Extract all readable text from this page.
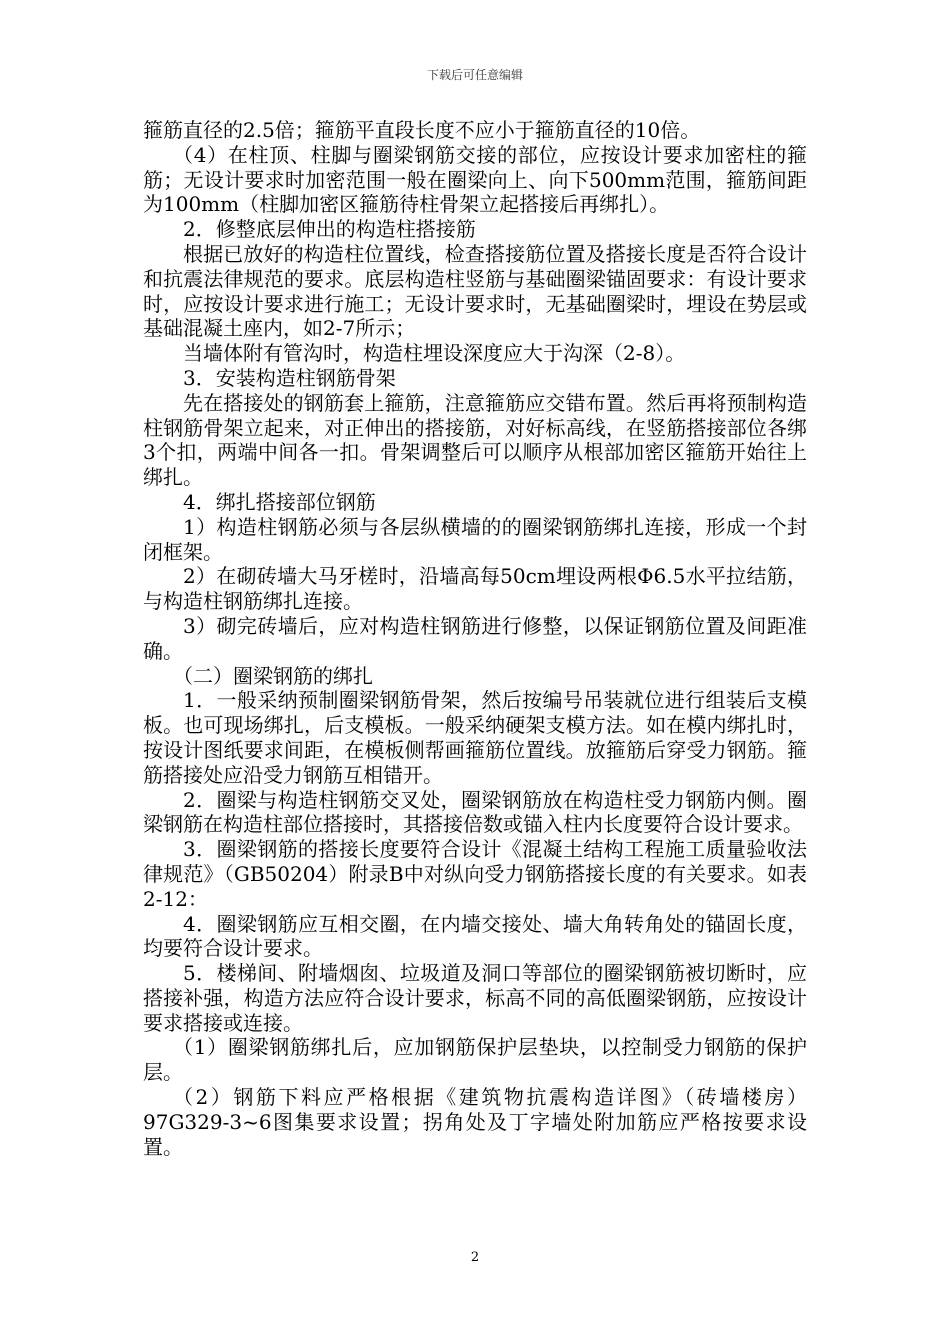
下载后可任意编辑

箍筋直径的2.5倍；箍筋平直段长度不应小于箍筋直径的10倍。

（4）在柱顶、柱脚与圈梁钢筋交接的部位，应按设计要求加密柱的箍筋；无设计要求时加密范围一般在圈梁向上、向下500mm范围，箍筋间距为100mm（柱脚加密区箍筋待柱骨架立起搭接后再绑扎）。

2．修整底层伸出的构造柱搭接筋

根据已放好的构造柱位置线，检查搭接筋位置及搭接长度是否符合设计和抗震法律规范的要求。底层构造柱竖筋与基础圈梁锚固要求：有设计要求时，应按设计要求进行施工；无设计要求时，无基础圈梁时，埋设在势层或基础混凝土座内，如2-7所示；

当墙体附有管沟时，构造柱埋设深度应大于沟深（2-8）。

3．安装构造柱钢筋骨架

先在搭接处的钢筋套上箍筋，注意箍筋应交错布置。然后再将预制构造柱钢筋骨架立起来，对正伸出的搭接筋，对好标高线，在竖筋搭接部位各绑3个扣，两端中间各一扣。骨架调整后可以顺序从根部加密区箍筋开始往上绑扎。

4．绑扎搭接部位钢筋

1）构造柱钢筋必须与各层纵横墙的的圈梁钢筋绑扎连接，形成一个封闭框架。

2）在砌砖墙大马牙槎时，沿墙高每50cm埋设两根Φ6.5水平拉结筋，与构造柱钢筋绑扎连接。

3）砌完砖墙后，应对构造柱钢筋进行修整，以保证钢筋位置及间距准确。

（二）圈梁钢筋的绑扎

1．一般采纳预制圈梁钢筋骨架，然后按编号吊装就位进行组装后支模板。也可现场绑扎，后支模板。一般采纳硬架支模方法。如在模内绑扎时，按设计图纸要求间距，在模板侧帮画箍筋位置线。放箍筋后穿受力钢筋。箍筋搭接处应沿受力钢筋互相错开。

2．圈梁与构造柱钢筋交叉处，圈梁钢筋放在构造柱受力钢筋内侧。圈梁钢筋在构造柱部位搭接时，其搭接倍数或锚入柱内长度要符合设计要求。

3．圈梁钢筋的搭接长度要符合设计《混凝土结构工程施工质量验收法律规范》（GB50204）附录B中对纵向受力钢筋搭接长度的有关要求。如表2-12：

4．圈梁钢筋应互相交圈，在内墙交接处、墙大角转角处的锚固长度，均要符合设计要求。

5．楼梯间、附墙烟囱、垃圾道及洞口等部位的圈梁钢筋被切断时，应搭接补强，构造方法应符合设计要求，标高不同的高低圈梁钢筋，应按设计要求搭接或连接。

（1）圈梁钢筋绑扎后，应加钢筋保护层垫块，以控制受力钢筋的保护层。

（2）钢筋下料应严格根据《建筑物抗震构造详图》（砖墙楼房）97G329-3~6图集要求设置；拐角处及丁字墙处附加筋应严格按要求设置。

2
